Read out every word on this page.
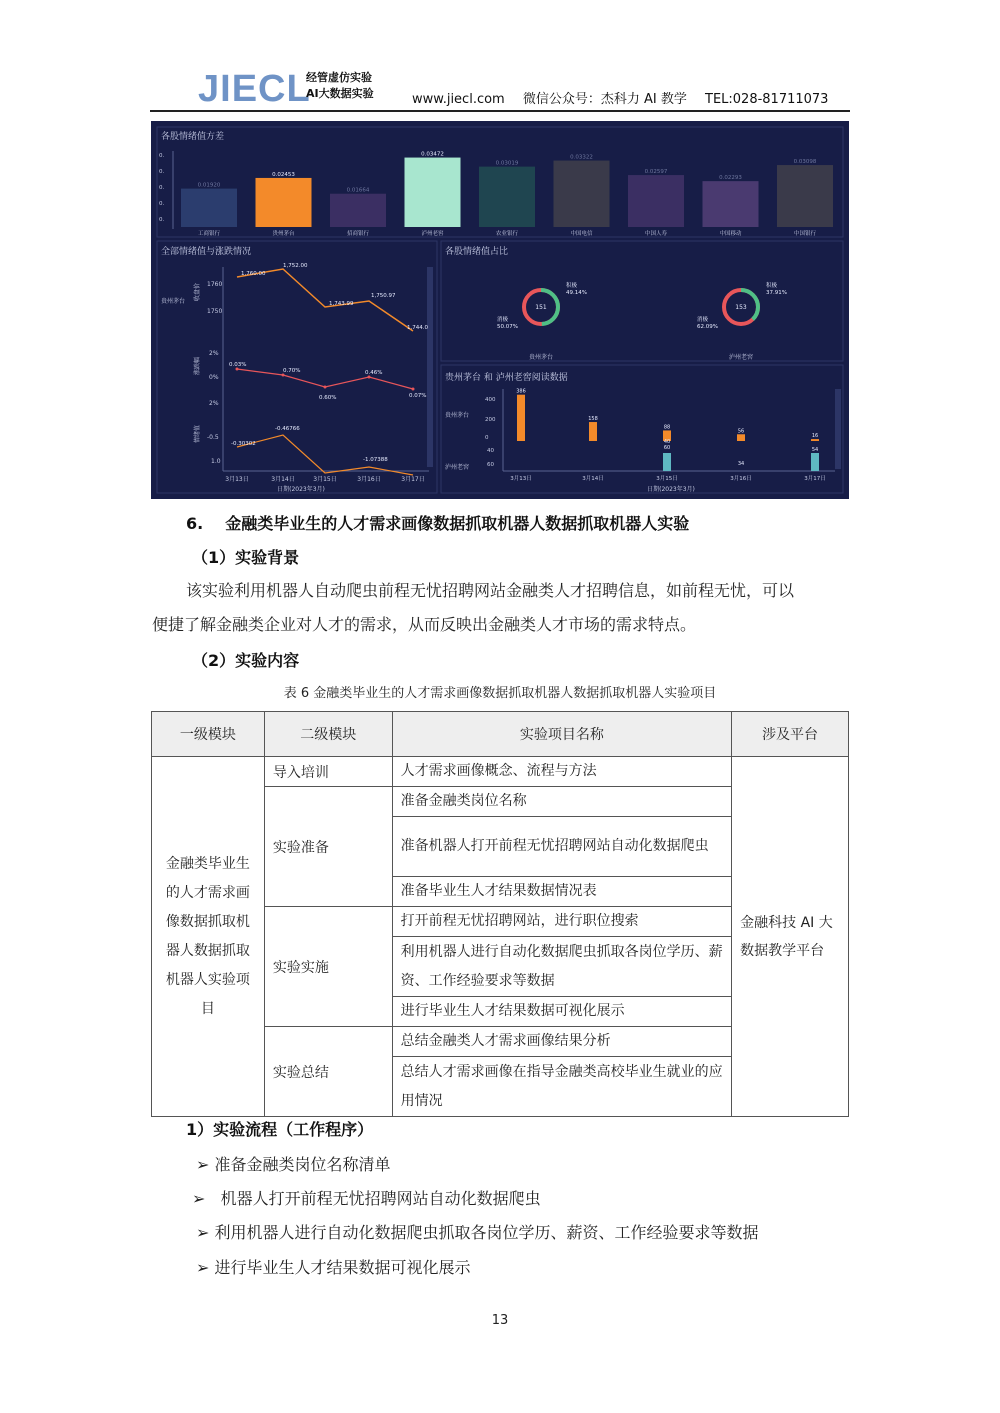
JIECL
经管虚仿实验
AI大数据实验	www.jiecl.com 微信公众号：杰科力 AI 教学 TEL:028-81711073
各股情绪值方差
0.01920
工商银行
0.02453
贵州茅台
0.01664
招商银行
0.03472
泸州老窖
0.03019
农业银行
0.03322
中国电信
0.02597
中国人寿
0.02293
中国移动
0.03098
中国银行
0.
0.
0.
0.
0.
全部情绪值与涨跌情况
贵州茅台
收盘价
涨跌幅
情绪值
1760
1750
2%
0%
2%
-0.5
1.0
1,760.00
1,752.00
1,743.99
1,750.97
1,744.0
0.03%
0.70%
0.60%
0.46%
0.07%
-0.46766
-0.30302
-1.07388
3月13日	3月14日	3月15日	3月16日	3月17日
日期(2023年3月)
各股情绪值占比
151
积极
49.14%
消极
50.07%
贵州茅台
153
积极
37.91%
消极
62.09%
泸州老窖
贵州茅台 和 泸州老窖阅读数据
贵州茅台
泸州老窖
400
200
0
40
60
386
158
88
56
16
40
60
34
54
3月13日	3月14日	3月15日	3月16日	3月17日
日期(2023年3月)
6. 金融类毕业生的人才需求画像数据抓取机器人数据抓取机器人实验
（1）实验背景
该实验利用机器人自动爬虫前程无忧招聘网站金融类人才招聘信息，如前程无忧，可以
便捷了解金融类企业对人才的需求，从而反映出金融类人才市场的需求特点。
（2）实验内容
表 6 金融类毕业生的人才需求画像数据抓取机器人数据抓取机器人实验项目
一级模块	二级模块	实验项目名称	涉及平台
金融类毕业生的人才需求画像数据抓取机器人数据抓取机器人实验项目	导入培训	人才需求画像概念、流程与方法	金融科技 AI 大数据教学平台
	实验准备	准备金融类岗位名称	
		准备机器人打开前程无忧招聘网站自动化数据爬虫	
		准备毕业生人才结果数据情况表	
	实验实施	打开前程无忧招聘网站，进行职位搜索	
		利用机器人进行自动化数据爬虫抓取各岗位学历、薪资、工作经验要求等数据	
		进行毕业生人才结果数据可视化展示	
	实验总结	总结金融类人才需求画像结果分析	
		总结人才需求画像在指导金融类高校毕业生就业的应用情况	
1）实验流程（工作程序）
➢ 准备金融类岗位名称清单
➢ 机器人打开前程无忧招聘网站自动化数据爬虫
➢ 利用机器人进行自动化数据爬虫抓取各岗位学历、薪资、工作经验要求等数据
➢ 进行毕业生人才结果数据可视化展示
13
